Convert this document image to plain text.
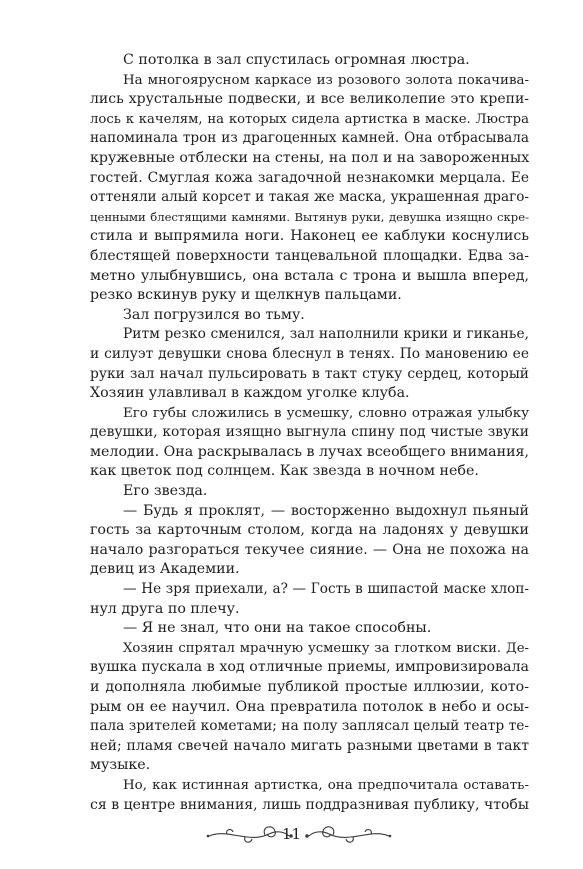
С потолка в зал спустилась огромная люстра.
На многоярусном каркасе из розового золота покачива-
лись хрустальные подвески, и все великолепие это крепи-
лось к качелям, на которых сидела артистка в маске. Люстра
напоминала трон из драгоценных камней. Она отбрасывала
кружевные отблески на стены, на пол и на завороженных
гостей. Смуглая кожа загадочной незнакомки мерцала. Ее
оттеняли алый корсет и такая же маска, украшенная драго-
ценными блестящими камнями. Вытянув руки, девушка изящно скре-
стила и выпрямила ноги. Наконец ее каблуки коснулись
блестящей поверхности танцевальной площадки. Едва за-
метно улыбнувшись, она встала с трона и вышла вперед,
резко вскинув руку и щелкнув пальцами.
Зал погрузился во тьму.
Ритм резко сменился, зал наполнили крики и гиканье,
и силуэт девушки снова блеснул в тенях. По мановению ее
руки зал начал пульсировать в такт стуку сердец, который
Хозяин улавливал в каждом уголке клуба.
Его губы сложились в усмешку, словно отражая улыбку
девушки, которая изящно выгнула спину под чистые звуки
мелодии. Она раскрывалась в лучах всеобщего внимания,
как цветок под солнцем. Как звезда в ночном небе.
Его звезда.
— Будь я проклят, — восторженно выдохнул пьяный
гость за карточным столом, когда на ладонях у девушки
начало разгораться текучее сияние. — Она не похожа на
девиц из Академии.
— Не зря приехали, а? — Гость в шипастой маске хлоп-
нул друга по плечу.
— Я не знал, что они на такое способны.
Хозяин спрятал мрачную усмешку за глотком виски. Де-
вушка пускала в ход отличные приемы, импровизировала
и дополняла любимые публикой простые иллюзии, кото-
рым он ее научил. Она превратила потолок в небо и осы-
пала зрителей кометами; на полу заплясал целый театр те-
ней; пламя свечей начало мигать разными цветами в такт
музыке.
Но, как истинная артистка, она предпочитала оставать-
ся в центре внимания, лишь поддразнивая публику, чтобы
11
